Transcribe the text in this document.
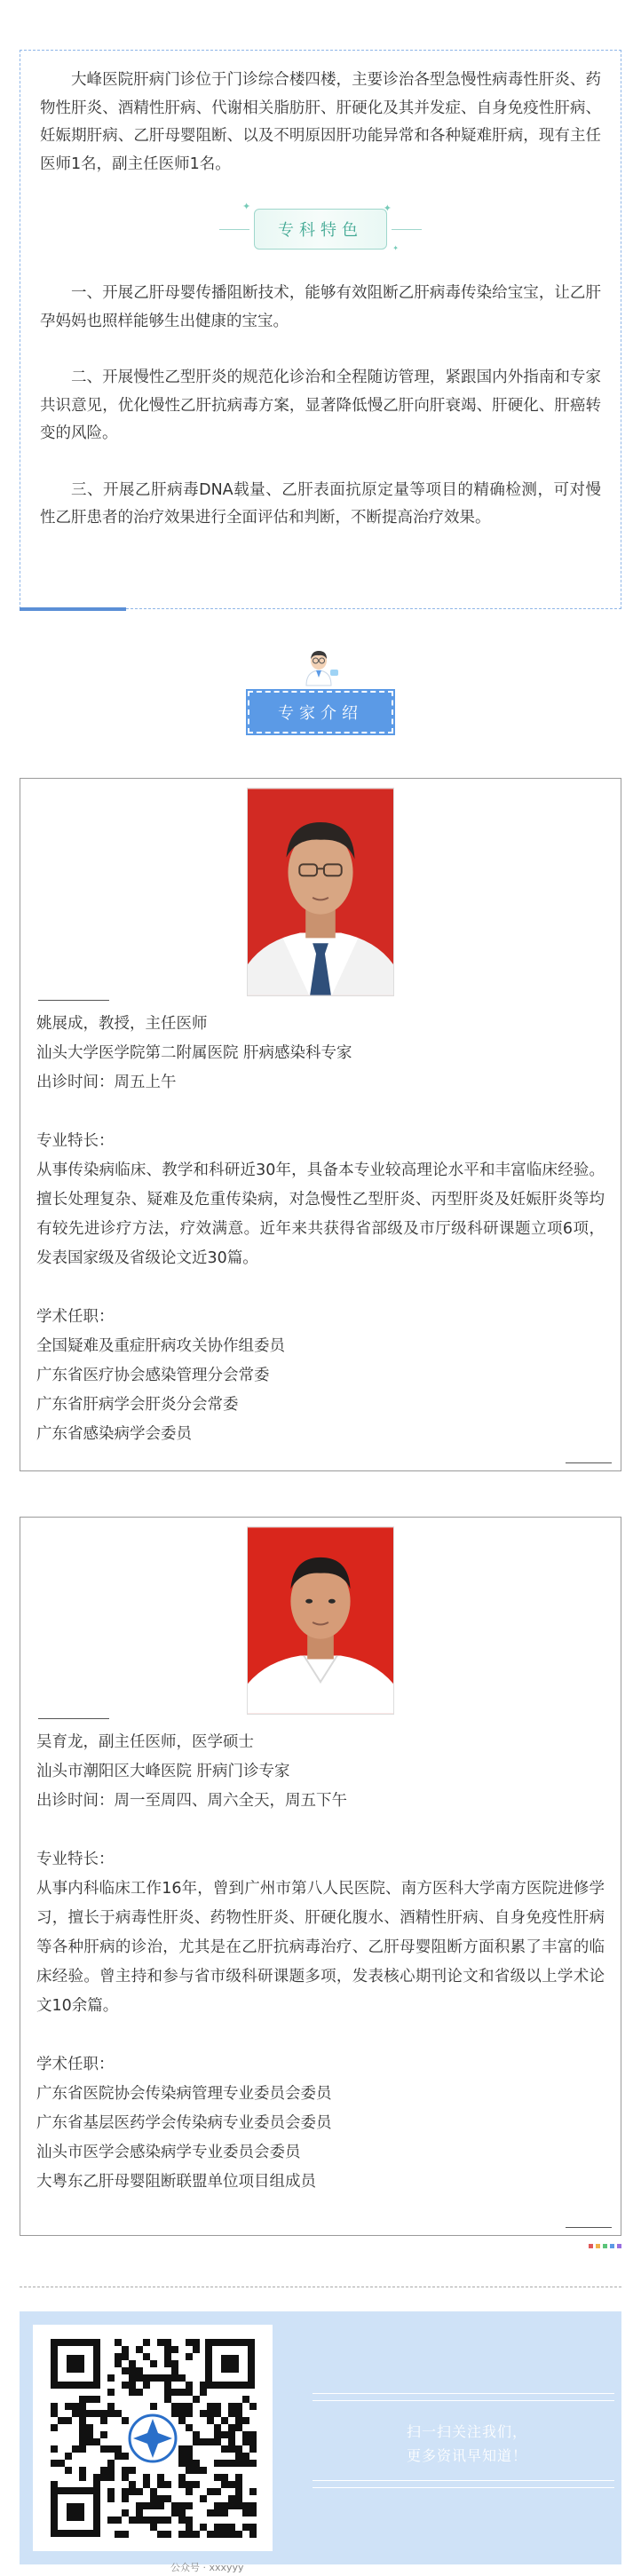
大峰医院肝病门诊位于门诊综合楼四楼，主要诊治各型急慢性病毒性肝炎、药物性肝炎、酒精性肝病、代谢相关脂肪肝、肝硬化及其并发症、自身免疫性肝病、妊娠期肝病、乙肝母婴阻断、以及不明原因肝功能异常和各种疑难肝病，现有主任医师1名，副主任医师1名。

专科特色
✦	✦
✦

一、开展乙肝母婴传播阻断技术，能够有效阻断乙肝病毒传染给宝宝，让乙肝孕妈妈也照样能够生出健康的宝宝。

二、开展慢性乙型肝炎的规范化诊治和全程随访管理，紧跟国内外指南和专家共识意见，优化慢性乙肝抗病毒方案，显著降低慢乙肝向肝衰竭、肝硬化、肝癌转变的风险。

三、开展乙肝病毒DNA载量、乙肝表面抗原定量等项目的精确检测，可对慢性乙肝患者的治疗效果进行全面评估和判断，不断提高治疗效果。

专家介绍
姚展成，教授，主任医师
汕头大学医学院第二附属医院 肝病感染科专家
出诊时间：周五上午
专业特长：
从事传染病临床、教学和科研近30年，具备本专业较高理论水平和丰富临床经验。擅长处理复杂、疑难及危重传染病，对急慢性乙型肝炎、丙型肝炎及妊娠肝炎等均有较先进诊疗方法，疗效满意。近年来共获得省部级及市厅级科研课题立项6项，发表国家级及省级论文近30篇。
学术任职：
全国疑难及重症肝病攻关协作组委员
广东省医疗协会感染管理分会常委
广东省肝病学会肝炎分会常委
广东省感染病学会委员
吴育龙，副主任医师，医学硕士
汕头市潮阳区大峰医院 肝病门诊专家
出诊时间：周一至周四、周六全天，周五下午
专业特长：
从事内科临床工作16年，曾到广州市第八人民医院、南方医科大学南方医院进修学习，擅长于病毒性肝炎、药物性肝炎、肝硬化腹水、酒精性肝病、自身免疫性肝病等各种肝病的诊治，尤其是在乙肝抗病毒治疗、乙肝母婴阻断方面积累了丰富的临床经验。曾主持和参与省市级科研课题多项，发表核心期刊论文和省级以上学术论文10余篇。
学术任职：
广东省医院协会传染病管理专业委员会委员
广东省基层医药学会传染病专业委员会委员
汕头市医学会感染病学专业委员会委员
大粤东乙肝母婴阻断联盟单位项目组成员
扫一扫关注我们，
更多资讯早知道！
公众号 · xxxyyy
